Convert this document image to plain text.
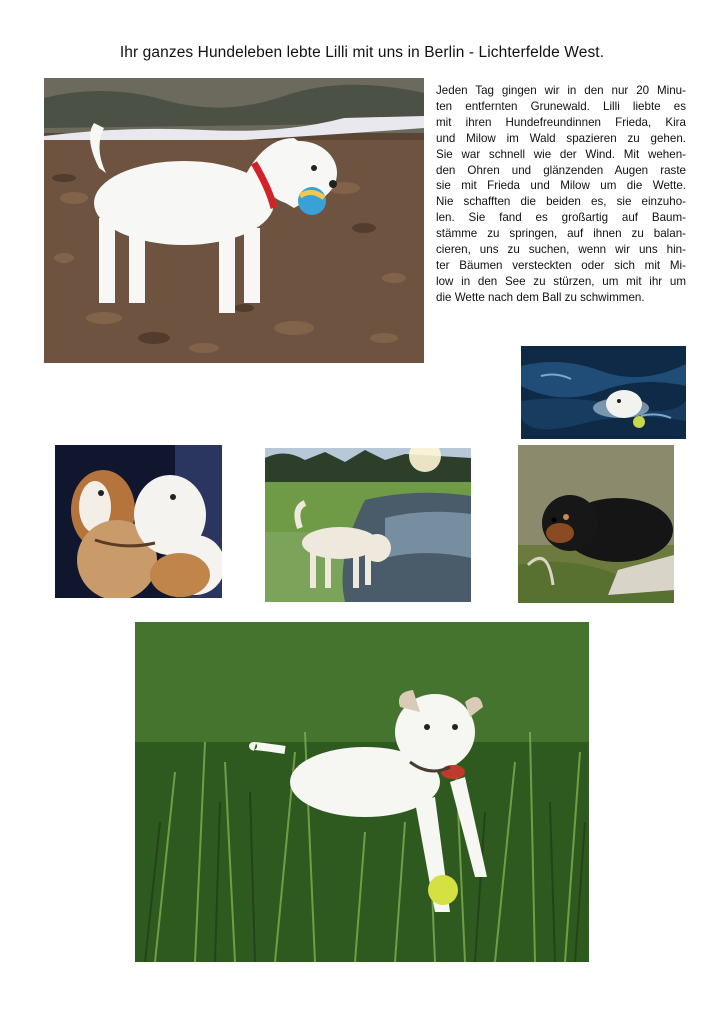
Ihr ganzes Hundeleben lebte Lilli mit uns in Berlin - Lichterfelde West.
Jeden Tag gingen wir in den nur 20 Minu-
ten entfernten Grunewald. Lilli liebte es
mit ihren Hundefreundinnen Frieda, Kira
und Milow im Wald spazieren zu gehen.
Sie war schnell wie der Wind. Mit wehen-
den Ohren und glänzenden Augen raste
sie mit Frieda und Milow um die Wette.
Nie schafften die beiden es, sie einzuho-
len. Sie fand es großartig auf Baum-
stämme zu springen, auf ihnen zu balan-
cieren, uns zu suchen, wenn wir uns hin-
ter Bäumen versteckten oder sich mit Mi-
low in den See zu stürzen, um mit ihr um
die Wette nach dem Ball zu schwimmen.
